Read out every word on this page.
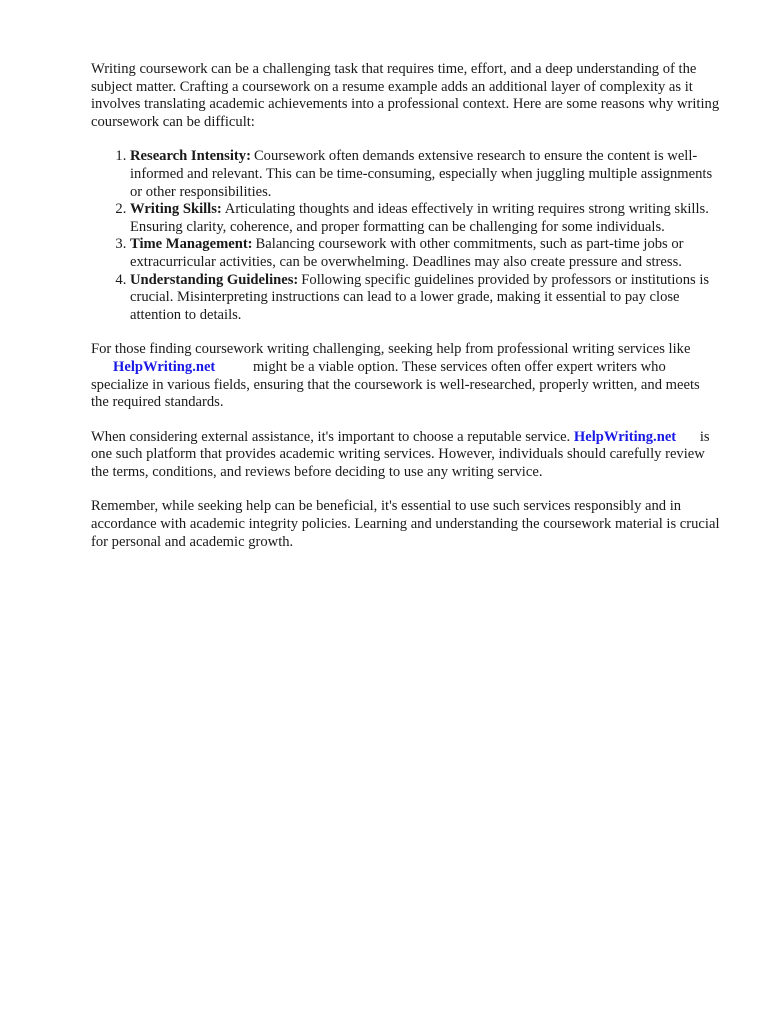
Writing coursework can be a challenging task that requires time, effort, and a deep understanding of the subject matter. Crafting a coursework on a resume example adds an additional layer of complexity as it involves translating academic achievements into a professional context. Here are some reasons why writing coursework can be difficult:

1. Research Intensity: Coursework often demands extensive research to ensure the content is well-informed and relevant. This can be time-consuming, especially when juggling multiple assignments or other responsibilities.
2. Writing Skills: Articulating thoughts and ideas effectively in writing requires strong writing skills. Ensuring clarity, coherence, and proper formatting can be challenging for some individuals.
3. Time Management: Balancing coursework with other commitments, such as part-time jobs or extracurricular activities, can be overwhelming. Deadlines may also create pressure and stress.
4. Understanding Guidelines: Following specific guidelines provided by professors or institutions is crucial. Misinterpreting instructions can lead to a lower grade, making it essential to pay close attention to details.

For those finding coursework writing challenging, seeking help from professional writing services like HelpWriting.net	might be a viable option. These services often offer expert writers who specialize in various fields, ensuring that the coursework is well-researched, properly written, and meets the required standards.

When considering external assistance, it's important to choose a reputable service. HelpWriting.net is one such platform that provides academic writing services. However, individuals should carefully review the terms, conditions, and reviews before deciding to use any writing service.

Remember, while seeking help can be beneficial, it's essential to use such services responsibly and in accordance with academic integrity policies. Learning and understanding the coursework material is crucial for personal and academic growth.
